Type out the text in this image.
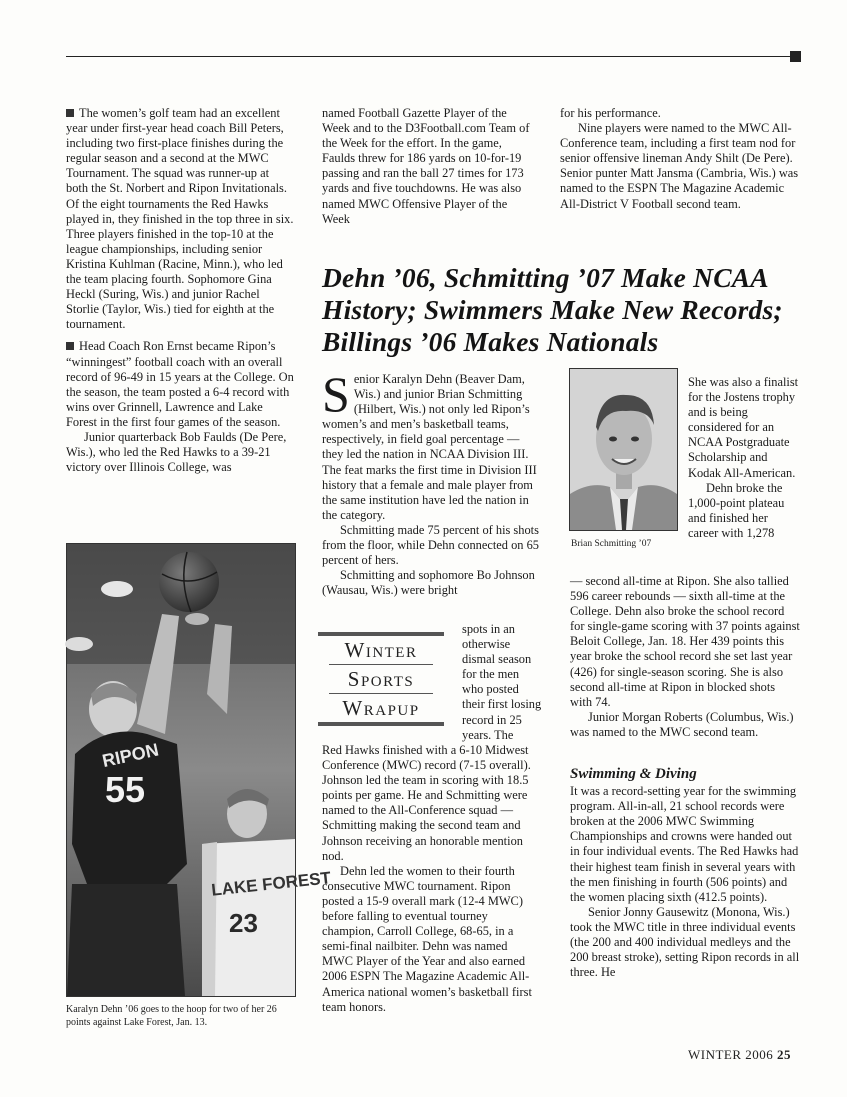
The women’s golf team had an excellent year under first-year head coach Bill Peters, including two first-place finishes during the regular season and a second at the MWC Tournament. The squad was runner-up at both the St. Norbert and Ripon Invitationals. Of the eight tournaments the Red Hawks played in, they finished in the top three in six. Three players finished in the top-10 at the league championships, including senior Kristina Kuhlman (Racine, Minn.), who led the team placing fourth. Sophomore Gina Heckl (Suring, Wis.) and junior Rachel Storlie (Taylor, Wis.) tied for eighth at the tournament.

Head Coach Ron Ernst became Ripon’s “winningest” football coach with an overall record of 96-49 in 15 years at the College. On the season, the team posted a 6-4 record with wins over Grinnell, Lawrence and Lake Forest in the first four games of the season.

Junior quarterback Bob Faulds (De Pere, Wis.), who led the Red Hawks to a 39-21 victory over Illinois College, was

named Football Gazette Player of the Week and to the D3Football.com Team of the Week for the effort. In the game, Faulds threw for 186 yards on 10-for-19 passing and ran the ball 27 times for 173 yards and five touchdowns. He was also named MWC Offensive Player of the Week

for his performance.

Nine players were named to the MWC All-Conference team, including a first team nod for senior offensive lineman Andy Shilt (De Pere). Senior punter Matt Jansma (Cambria, Wis.) was named to the ESPN The Magazine Academic All-District V Football second team.

Dehn ’06, Schmitting ’07 Make NCAA History; Swimmers Make New Records; Billings ’06 Makes Nationals
RIPON
55
LAKE FOREST
23
Karalyn Dehn ’06 goes to the hoop for two of her 26 points against Lake Forest, Jan. 13.
Brian Schmitting ’07

Senior Karalyn Dehn (Beaver Dam, Wis.) and junior Brian Schmitting (Hilbert, Wis.) not only led Ripon’s women’s and men’s basketball teams, respectively, in field goal percentage — they led the nation in NCAA Division III. The feat marks the first time in Division III history that a female and male player from the same institution have led the nation in the category.

Schmitting made 75 percent of his shots from the floor, while Dehn connected on 65 percent of hers.

Schmitting and sophomore Bo Johnson (Wausau, Wis.) were bright

spots in an otherwise dismal season for the men who posted their first losing record in 25 years. The

Winter
Sports
Wrapup

Red Hawks finished with a 6-10 Midwest Conference (MWC) record (7-15 overall). Johnson led the team in scoring with 18.5 points per game. He and Schmitting were named to the All-Conference squad — Schmitting making the second team and Johnson receiving an honorable mention nod.

Dehn led the women to their fourth consecutive MWC tournament. Ripon posted a 15-9 overall mark (12-4 MWC) before falling to eventual tourney champion, Carroll College, 68-65, in a semi-final nailbiter. Dehn was named MWC Player of the Year and also earned 2006 ESPN The Magazine Academic All-America national women’s basketball first team honors.

She was also a finalist for the Jostens trophy and is being considered for an NCAA Postgraduate Scholarship and Kodak All-American.

Dehn broke the 1,000-point plateau and finished her career with 1,278

— second all-time at Ripon. She also tallied 596 career rebounds — sixth all-time at the College. Dehn also broke the school record for single-game scoring with 37 points against Beloit College, Jan. 18. Her 439 points this year broke the school record she set last year (426) for single-season scoring. She is also second all-time at Ripon in blocked shots with 74.

Junior Morgan Roberts (Columbus, Wis.) was named to the MWC second team.

Swimming & Diving

It was a record-setting year for the swimming program. All-in-all, 21 school records were broken at the 2006 MWC Swimming Championships and crowns were handed out in four individual events. The Red Hawks had their highest team finish in several years with the men finishing in fourth (506 points) and the women placing sixth (412.5 points).

Senior Jonny Gausewitz (Monona, Wis.) took the MWC title in three individual events (the 200 and 400 individual medleys and the 200 breast stroke), setting Ripon records in all three. He

WINTER 2006 25
